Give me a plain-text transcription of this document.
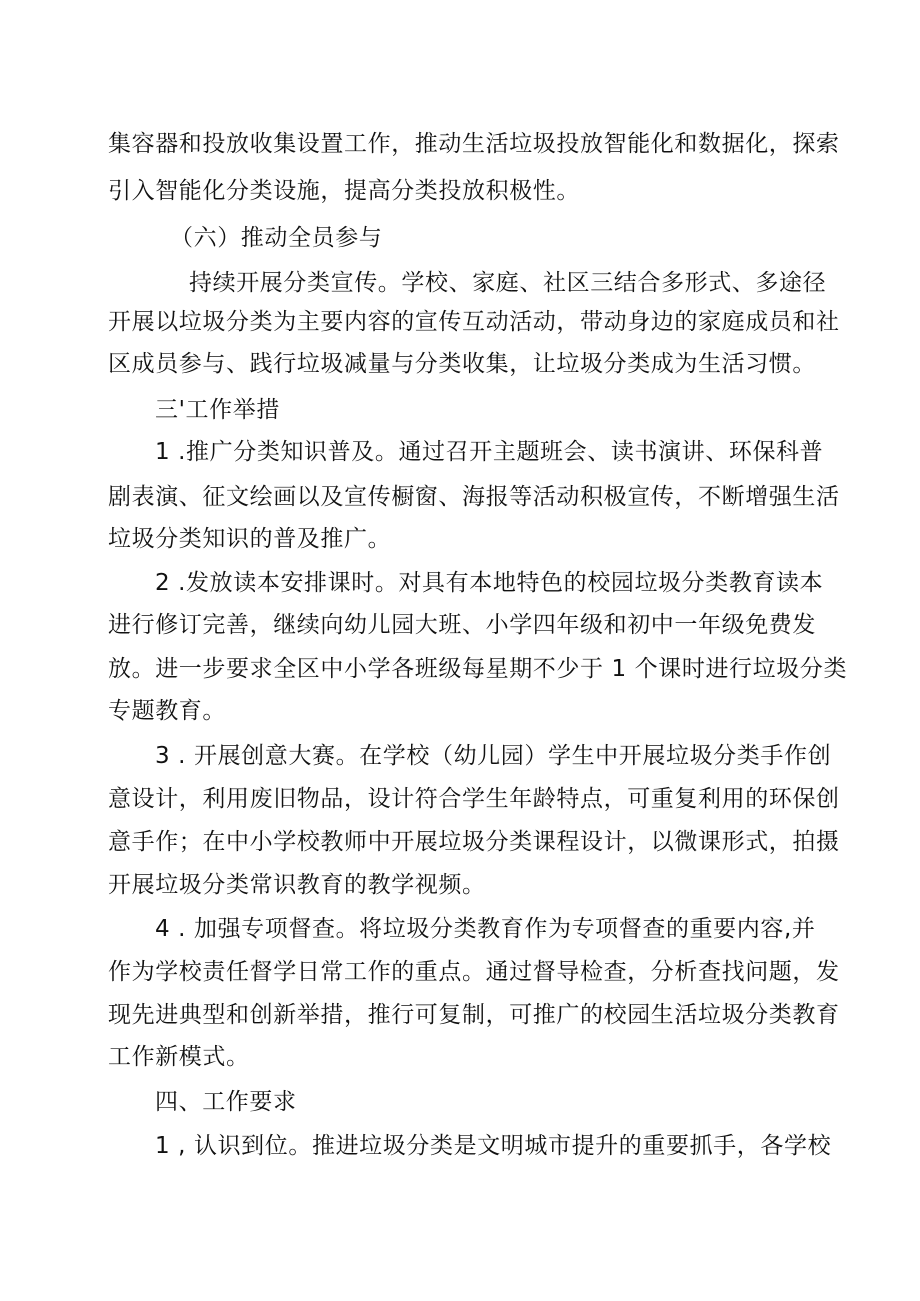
集容器和投放收集设置工作，推动生活垃圾投放智能化和数据化，探索
引入智能化分类设施，提高分类投放积极性。
（六）推动全员参与
持续开展分类宣传。学校、家庭、社区三结合多形式、多途径
开展以垃圾分类为主要内容的宣传互动活动，带动身边的家庭成员和社
区成员参与、践行垃圾减量与分类收集，让垃圾分类成为生活习惯。
三'工作举措
1 .推广分类知识普及。通过召开主题班会、读书演讲、环保科普
剧表演、征文绘画以及宣传橱窗、海报等活动积极宣传，不断增强生活
垃圾分类知识的普及推广。
2 .发放读本安排课时。对具有本地特色的校园垃圾分类教育读本
进行修订完善，继续向幼儿园大班、小学四年级和初中一年级免费发
放。进一步要求全区中小学各班级每星期不少于 1 个课时进行垃圾分类
专题教育。
3 . 开展创意大赛。在学校（幼儿园）学生中开展垃圾分类手作创
意设计，利用废旧物品，设计符合学生年龄特点，可重复利用的环保创
意手作；在中小学校教师中开展垃圾分类课程设计，以微课形式，拍摄
开展垃圾分类常识教育的教学视频。
4 . 加强专项督查。将垃圾分类教育作为专项督查的重要内容,并
作为学校责任督学日常工作的重点。通过督导检查，分析查找问题，发
现先进典型和创新举措，推行可复制，可推广的校园生活垃圾分类教育
工作新模式。
四、工作要求
1 , 认识到位。推进垃圾分类是文明城市提升的重要抓手，各学校
